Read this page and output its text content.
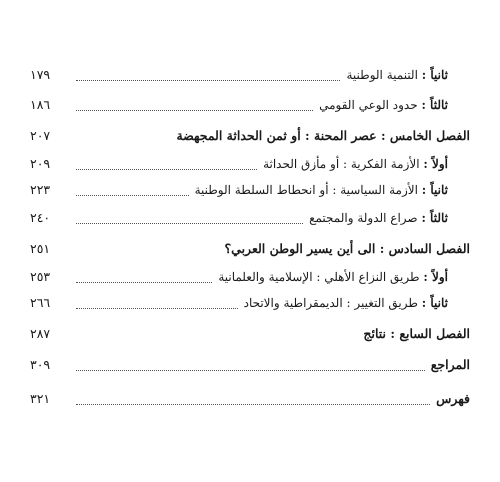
ثانياً : التنمية الوطنية
١٧٩
ثالثاً : حدود الوعي القومي
١٨٦
الفصل الخامس : عصر المحنة : أو ثمن الحداثة المجهضة
٢٠٧
أولاً : الأزمة الفكرية : أو مأزق الحداثة
٢٠٩
ثانياً : الأزمة السياسية : أو انحطاط السلطة الوطنية
٢٢٣
ثالثاً : صراع الدولة والمجتمع
٢٤٠
الفصل السادس : الى أين يسير الوطن العربي؟
٢٥١
أولاً : طريق النزاع الأهلي : الإسلامية والعلمانية
٢٥٣
ثانياً : طريق التغيير : الديمقراطية والاتحاد
٢٦٦
الفصل السابع : نتائج
٢٨٧
المراجع
٣٠٩
فهرس
٣٢١
